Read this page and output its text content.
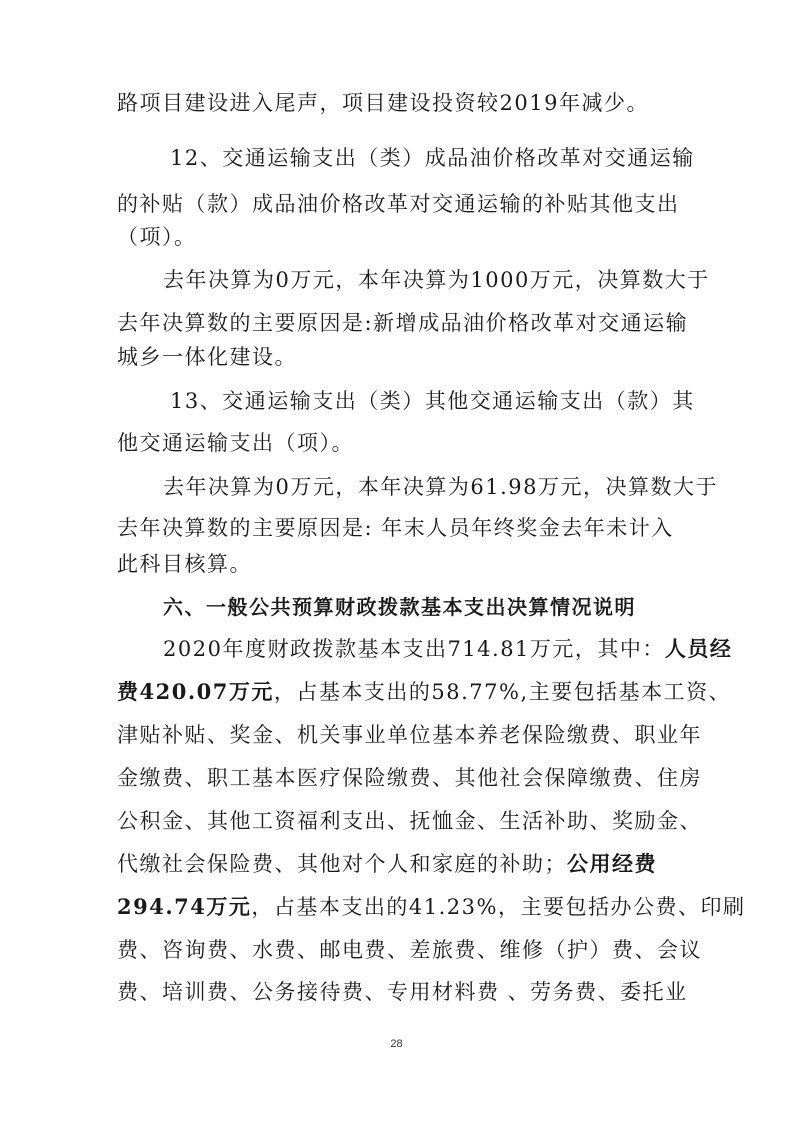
路项目建设进入尾声，项目建设投资较2019年减少。
12、交通运输支出（类）成品油价格改革对交通运输
的补贴（款）成品油价格改革对交通运输的补贴其他支出
（项）。
去年决算为0万元，本年决算为1000万元，决算数大于
去年决算数的主要原因是:新增成品油价格改革对交通运输
城乡一体化建设。
13、交通运输支出（类）其他交通运输支出（款）其
他交通运输支出（项）。
去年决算为0万元，本年决算为61.98万元，决算数大于
去年决算数的主要原因是: 年末人员年终奖金去年未计入
此科目核算。
六、一般公共预算财政拨款基本支出决算情况说明
2020年度财政拨款基本支出714.81万元，其中：人员经
费420.07万元，占基本支出的58.77%,主要包括基本工资、
津贴补贴、奖金、机关事业单位基本养老保险缴费、职业年
金缴费、职工基本医疗保险缴费、其他社会保障缴费、住房
公积金、其他工资福利支出、抚恤金、生活补助、奖励金、
代缴社会保险费、其他对个人和家庭的补助；公用经费
294.74万元，占基本支出的41.23%，主要包括办公费、印刷
费、咨询费、水费、邮电费、差旅费、维修（护）费、会议
费、培训费、公务接待费、专用材料费 、劳务费、委托业
28
